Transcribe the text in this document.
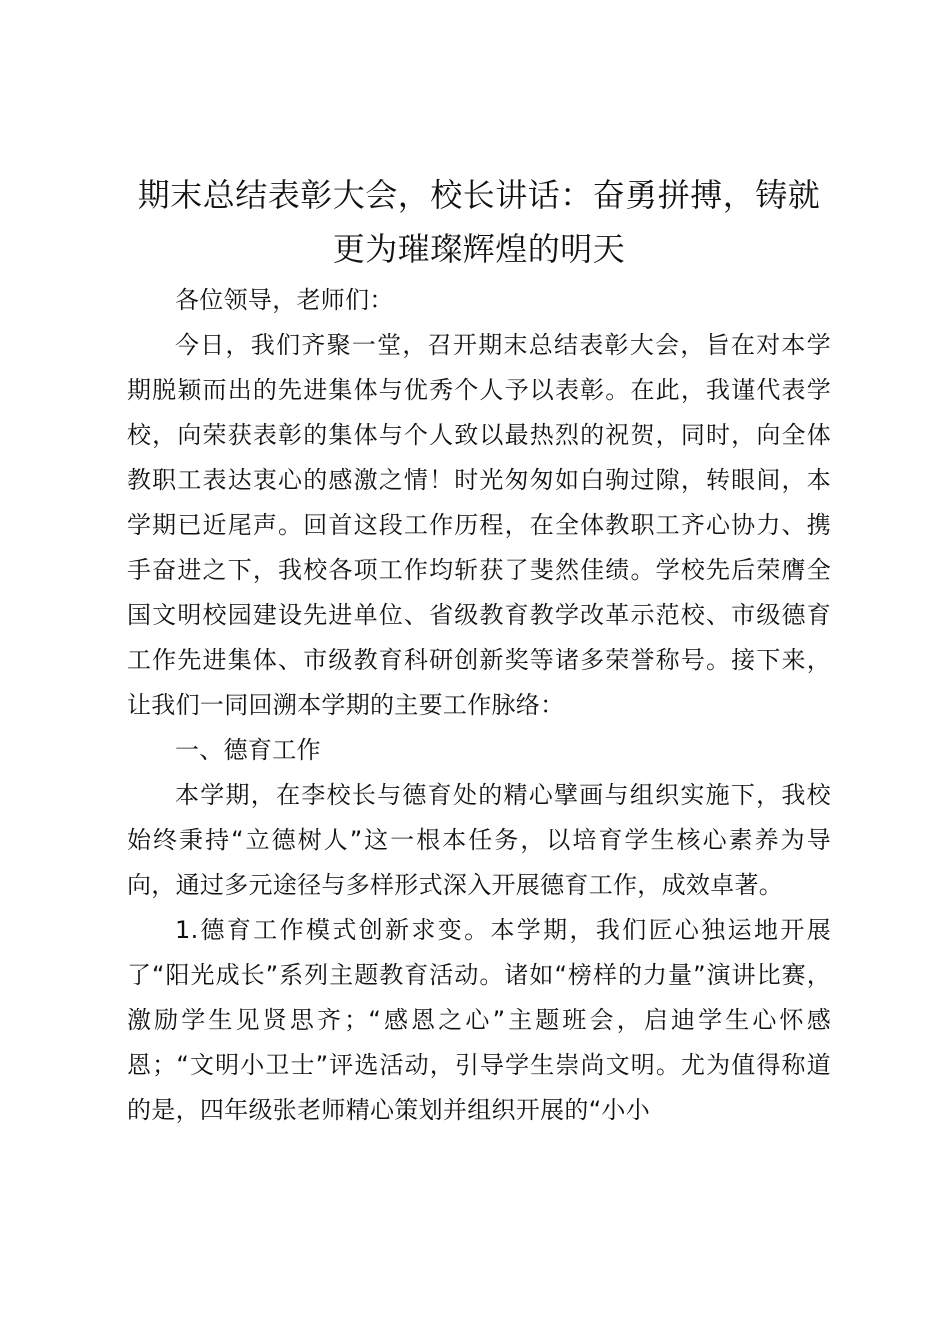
期末总结表彰大会，校长讲话：奋勇拼搏，铸就更为璀璨辉煌的明天

各位领导，老师们：

今日，我们齐聚一堂，召开期末总结表彰大会，旨在对本学期脱颖而出的先进集体与优秀个人予以表彰。在此，我谨代表学校，向荣获表彰的集体与个人致以最热烈的祝贺，同时，向全体教职工表达衷心的感激之情！时光匆匆如白驹过隙，转眼间，本学期已近尾声。回首这段工作历程，在全体教职工齐心协力、携手奋进之下，我校各项工作均斩获了斐然佳绩。学校先后荣膺全国文明校园建设先进单位、省级教育教学改革示范校、市级德育工作先进集体、市级教育科研创新奖等诸多荣誉称号。接下来，让我们一同回溯本学期的主要工作脉络：

一、德育工作

本学期，在李校长与德育处的精心擘画与组织实施下，我校始终秉持“立德树人”这一根本任务，以培育学生核心素养为导向，通过多元途径与多样形式深入开展德育工作，成效卓著。

1.德育工作模式创新求变。本学期，我们匠心独运地开展了“阳光成长”系列主题教育活动。诸如“榜样的力量”演讲比赛，激励学生见贤思齐；“感恩之心”主题班会，启迪学生心怀感恩；“文明小卫士”评选活动，引导学生崇尚文明。尤为值得称道的是，四年级张老师精心策划并组织开展的“小小
